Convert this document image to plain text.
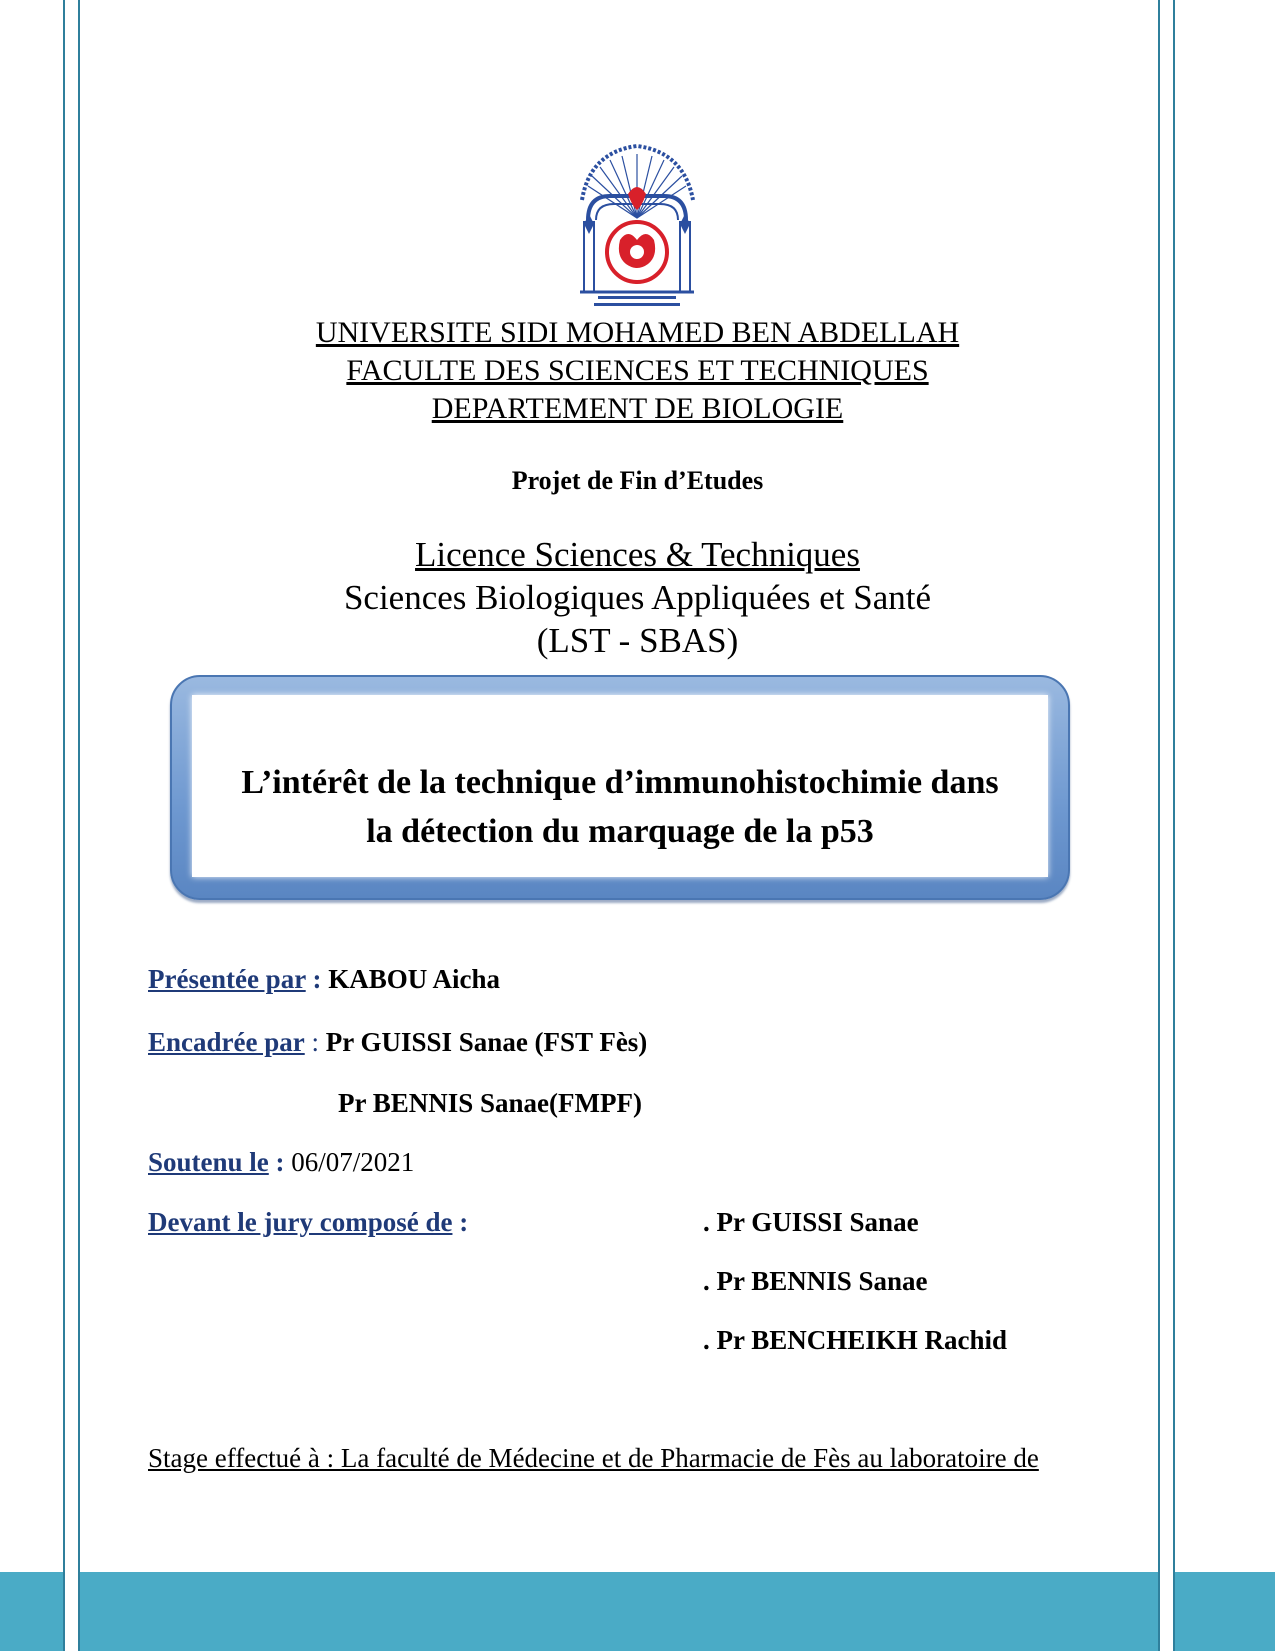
UNIVERSITE SIDI MOHAMED BEN ABDELLAH
FACULTE DES SCIENCES ET TECHNIQUES
DEPARTEMENT DE BIOLOGIE
Projet de Fin d’Etudes
Licence Sciences & Techniques
Sciences Biologiques Appliquées et Santé
(LST - SBAS)
L’intérêt de la technique d’immunohistochimie dans
la détection du marquage de la p53
Présentée par : KABOU Aicha
Encadrée par : Pr GUISSI Sanae (FST Fès)
Pr BENNIS Sanae(FMPF)
Soutenu le : 06/07/2021
Devant le jury composé de :	. Pr GUISSI Sanae
. Pr BENNIS Sanae
. Pr BENCHEIKH Rachid
Stage effectué à : La faculté de Médecine et de Pharmacie de Fès au laboratoire de
